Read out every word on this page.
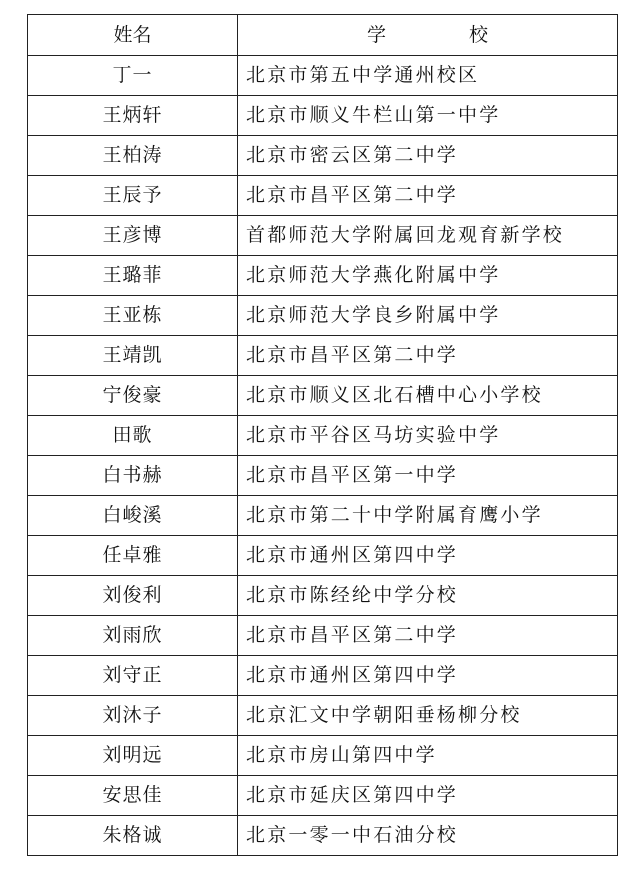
姓名	学　校
丁一	北京市第五中学通州校区
王炳轩	北京市顺义牛栏山第一中学
王柏涛	北京市密云区第二中学
王辰予	北京市昌平区第二中学
王彦博	首都师范大学附属回龙观育新学校
王璐菲	北京师范大学燕化附属中学
王亚栋	北京师范大学良乡附属中学
王靖凯	北京市昌平区第二中学
宁俊豪	北京市顺义区北石槽中心小学校
田歌	北京市平谷区马坊实验中学
白书赫	北京市昌平区第一中学
白峻溪	北京市第二十中学附属育鹰小学
任卓雅	北京市通州区第四中学
刘俊利	北京市陈经纶中学分校
刘雨欣	北京市昌平区第二中学
刘守正	北京市通州区第四中学
刘沐子	北京汇文中学朝阳垂杨柳分校
刘明远	北京市房山第四中学
安思佳	北京市延庆区第四中学
朱格诚	北京一零一中石油分校
